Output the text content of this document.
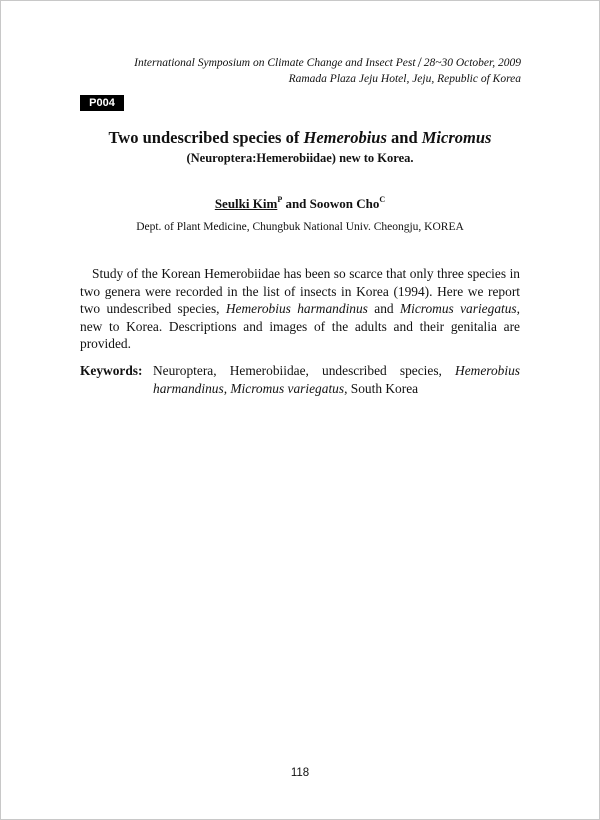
International Symposium on Climate Change and Insect Pest / 28~30 October, 2009
Ramada Plaza Jeju Hotel, Jeju, Republic of Korea
P004
Two undescribed species of Hemerobius and Micromus
(Neuroptera:Hemerobiidae) new to Korea.
Seulki Kim$^P$ and Soowon Cho$^C$
Dept. of Plant Medicine, Chungbuk National Univ. Cheongju, KOREA

Study of the Korean Hemerobiidae has been so scarce that only three species in two genera were recorded in the list of insects in Korea (1994). Here we report two undescribed species, Hemerobius harmandinus and Micromus variegatus, new to Korea. Descriptions and images of the adults and their genitalia are provided.

Keywords: Neuroptera, Hemerobiidae, undescribed species, Hemerobius harmandinus, Micromus variegatus, South Korea
118
